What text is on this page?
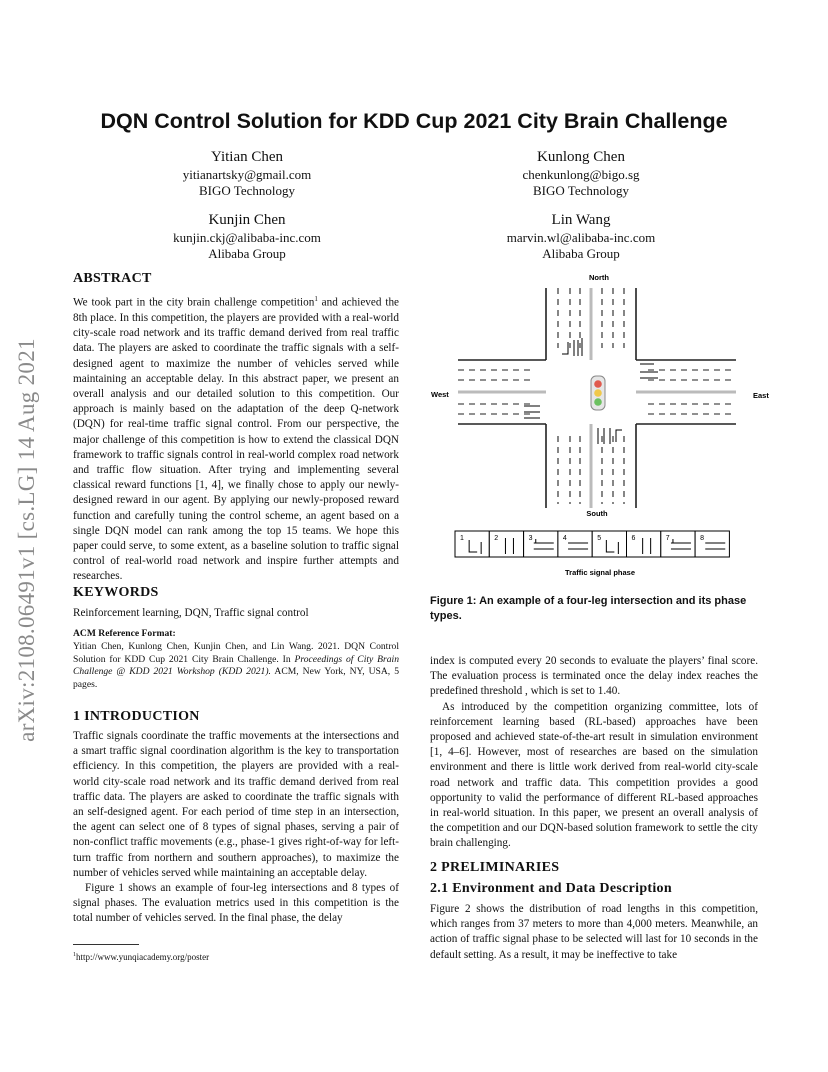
arXiv:2108.06491v1 [cs.LG] 14 Aug 2021
DQN Control Solution for KDD Cup 2021 City Brain Challenge
Yitian Chen
yitianartsky@gmail.com
BIGO Technology
Kunlong Chen
chenkunlong@bigo.sg
BIGO Technology
Kunjin Chen
kunjin.ckj@alibaba-inc.com
Alibaba Group
Lin Wang
marvin.wl@alibaba-inc.com
Alibaba Group
ABSTRACT

We took part in the city brain challenge competition$^1$ and achieved the 8th place. In this competition, the players are provided with a real-world city-scale road network and its traffic demand derived from real traffic data. The players are asked to coordinate the traffic signals with a self-designed agent to maximize the number of vehicles served while maintaining an acceptable delay. In this abstract paper, we present an overall analysis and our detailed solution to this competition. Our approach is mainly based on the adaptation of the deep Q-network (DQN) for real-time traffic signal control. From our perspective, the major challenge of this competition is how to extend the classical DQN framework to traffic signals control in real-world complex road network and traffic flow situation. After trying and implementing several classical reward functions [1, 4], we finally chose to apply our newly-designed reward in our agent. By applying our newly-proposed reward function and carefully tuning the control scheme, an agent based on a single DQN model can rank among the top 15 teams. We hope this paper could serve, to some extent, as a baseline solution to traffic signal control of real-world road network and inspire further attempts and researches.

KEYWORDS
Reinforcement learning, DQN, Traffic signal control
ACM Reference Format:
Yitian Chen, Kunlong Chen, Kunjin Chen, and Lin Wang. 2021. DQN Control Solution for KDD Cup 2021 City Brain Challenge. In Proceedings of City Brain Challenge @ KDD 2021 Workshop (KDD 2021). ACM, New York, NY, USA, 5 pages.
1 INTRODUCTION

Traffic signals coordinate the traffic movements at the intersections and a smart traffic signal coordination algorithm is the key to transportation efficiency. In this competition, the players are provided with a real-world city-scale road network and its traffic demand derived from real traffic data. The players are asked to coordinate the traffic signals with an self-designed agent. For each period of time step in an intersection, the agent can select one of 8 types of signal phases, serving a pair of non-conflict traffic movements (e.g., phase-1 gives right-of-way for left-turn traffic from northern and southern approaches), to maximize the number of vehicles served while maintaining an acceptable delay.

Figure 1 shows an example of four-leg intersections and 8 types of signal phases. The evaluation metrics used in this competition is the total number of vehicles served. In the final phase, the delay

$^1$http://www.yunqiacademy.org/poster
North
South
West	East
1	2	3	4	5	6	7	8
Traffic signal phase
Figure 1: An example of a four-leg intersection and its phase types.

index is computed every 20 seconds to evaluate the players’ final score. The evaluation process is terminated once the delay index reaches the predefined threshold , which is set to 1.40.

As introduced by the competition organizing committee, lots of reinforcement learning based (RL-based) approaches have been proposed and achieved state-of-the-art result in simulation environment [1, 4–6]. However, most of researches are based on the simulation environment and there is little work derived from real-world city-scale road network and traffic data. This competition provides a good opportunity to valid the performance of different RL-based approaches in real-world situation. In this paper, we present an overall analysis of the competition and our DQN-based solution framework to settle the city brain challenging.

2 PRELIMINARIES
2.1 Environment and Data Description
Figure 2 shows the distribution of road lengths in this competition, which ranges from 37 meters to more than 4,000 meters. Meanwhile, an action of traffic signal phase to be selected will last for 10 seconds in the default setting. As a result, it may be ineffective to take
